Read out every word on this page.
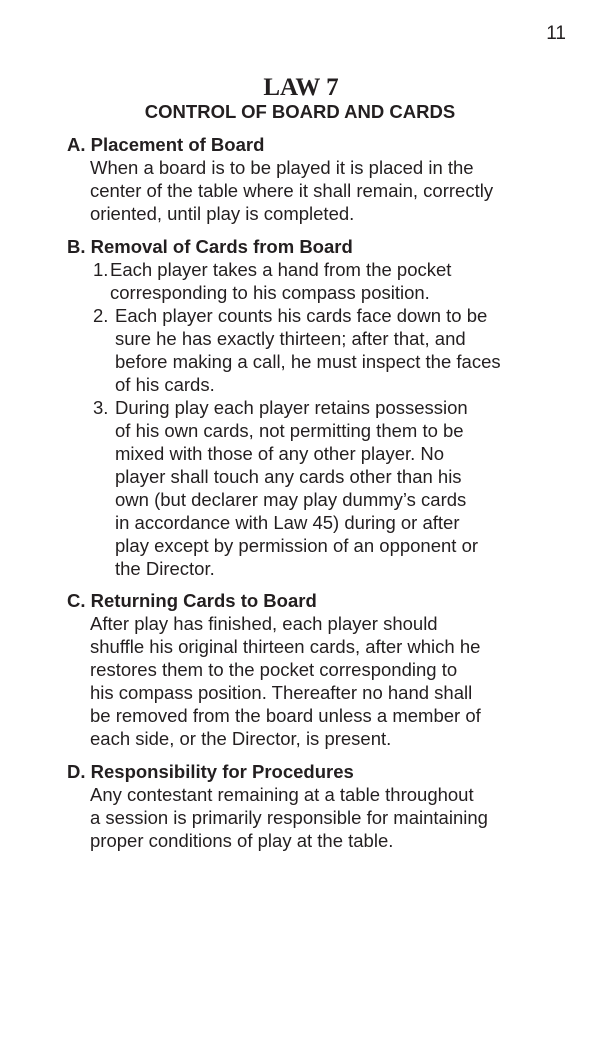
11
LAW 7
CONTROL OF BOARD AND CARDS
A. Placement of Board
When a board is to be played it is placed in the
center of the table where it shall remain, correctly
oriented, until play is completed.
B. Removal of Cards from Board
1. Each player takes a hand from the pocket
corresponding to his compass position.
2. Each player counts his cards face down to be
sure he has exactly thirteen; after that, and
before making a call, he must inspect the faces
of his cards.
3. During play each player retains possession
of his own cards, not permitting them to be
mixed with those of any other player. No
player shall touch any cards other than his
own (but declarer may play dummy’s cards
in accordance with Law 45) during or after
play except by permission of an opponent or
the Director.
C. Returning Cards to Board
After play has finished, each player should
shuffle his original thirteen cards, after which he
restores them to the pocket corresponding to
his compass position. Thereafter no hand shall
be removed from the board unless a member of
each side, or the Director, is present.
D. Responsibility for Procedures
Any contestant remaining at a table throughout
a session is primarily responsible for maintaining
proper conditions of play at the table.
